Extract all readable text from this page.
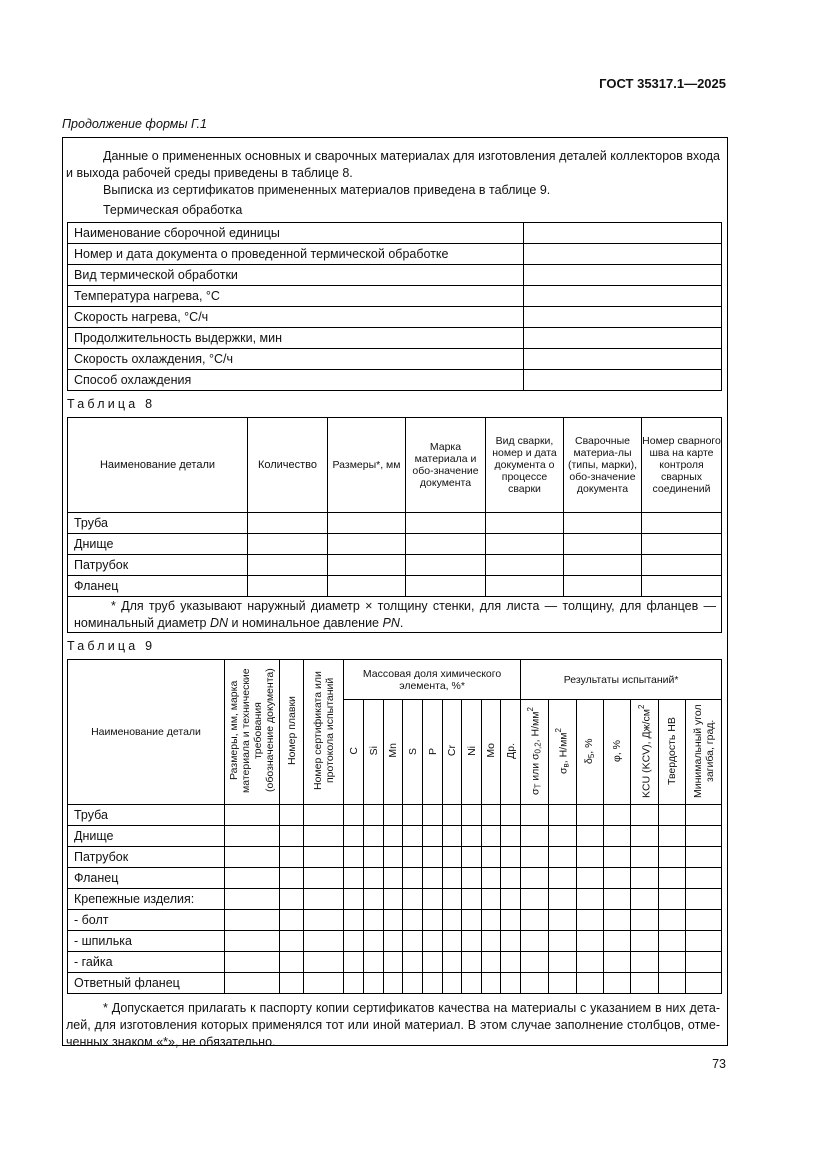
ГОСТ 35317.1—2025
Продолжение формы Г.1
Данные о примененных основных и сварочных материалах для изготовления деталей коллекторов входа и выхода рабочей среды приведены в таблице 8.
Выписка из сертификатов примененных материалов приведена в таблице 9.
Термическая обработка
Наименование сборочной единицы	
Номер и дата документа о проведенной термической обработке	
Вид термической обработки	
Температура нагрева, °С	
Скорость нагрева, °С/ч	
Продолжительность выдержки, мин	
Скорость охлаждения, °С/ч	
Способ охлаждения	
Таблица 8
Наименование детали	Количество	Размеры*, мм	Марка материала и обо-значение документа	Вид сварки, номер и дата документа о процессе сварки	Сварочные материа-лы (типы, марки), обо-значение документа	Номер сварного шва на карте контроля сварных соединений
Труба						
Днище						
Патрубок						
Фланец						
* Для труб указывают наружный диаметр × толщину стенки, для листа — толщину, для фланцев — номинальный диаметр DN и номинальное давление PN.						
Таблица 9
Наименование детали	Размеры, мм, марка материала и технические требования (обозначение документа)	Номер плавки	Номер сертификата или протокола испытаний	Массовая доля химического элемента, %*									Результаты испытаний*						
				C	Si	Mn	S	P	Cr	Ni	Mo	Др.	$\sigma_Т$ или $\sigma_{0,2}$, $Н/мм^2$	$\sigma_в$, $Н/мм^2$	$\delta_5$, %	φ, %	KCU (KCV), $Дж/см^2$	Твердость НВ	Минимальный угол загиба, град.
Труба																			
Днище																			
Патрубок																			
Фланец																			
Крепежные изделия:																			
- болт																			
- шпилька																			
- гайка																			
Ответный фланец																			
* Допускается прилагать к паспорту копии сертификатов качества на материалы с указанием в них дета-лей, для изготовления которых применялся тот или иной материал. В этом случае заполнение столбцов, отме-ченных знаком «*», не обязательно.
73
